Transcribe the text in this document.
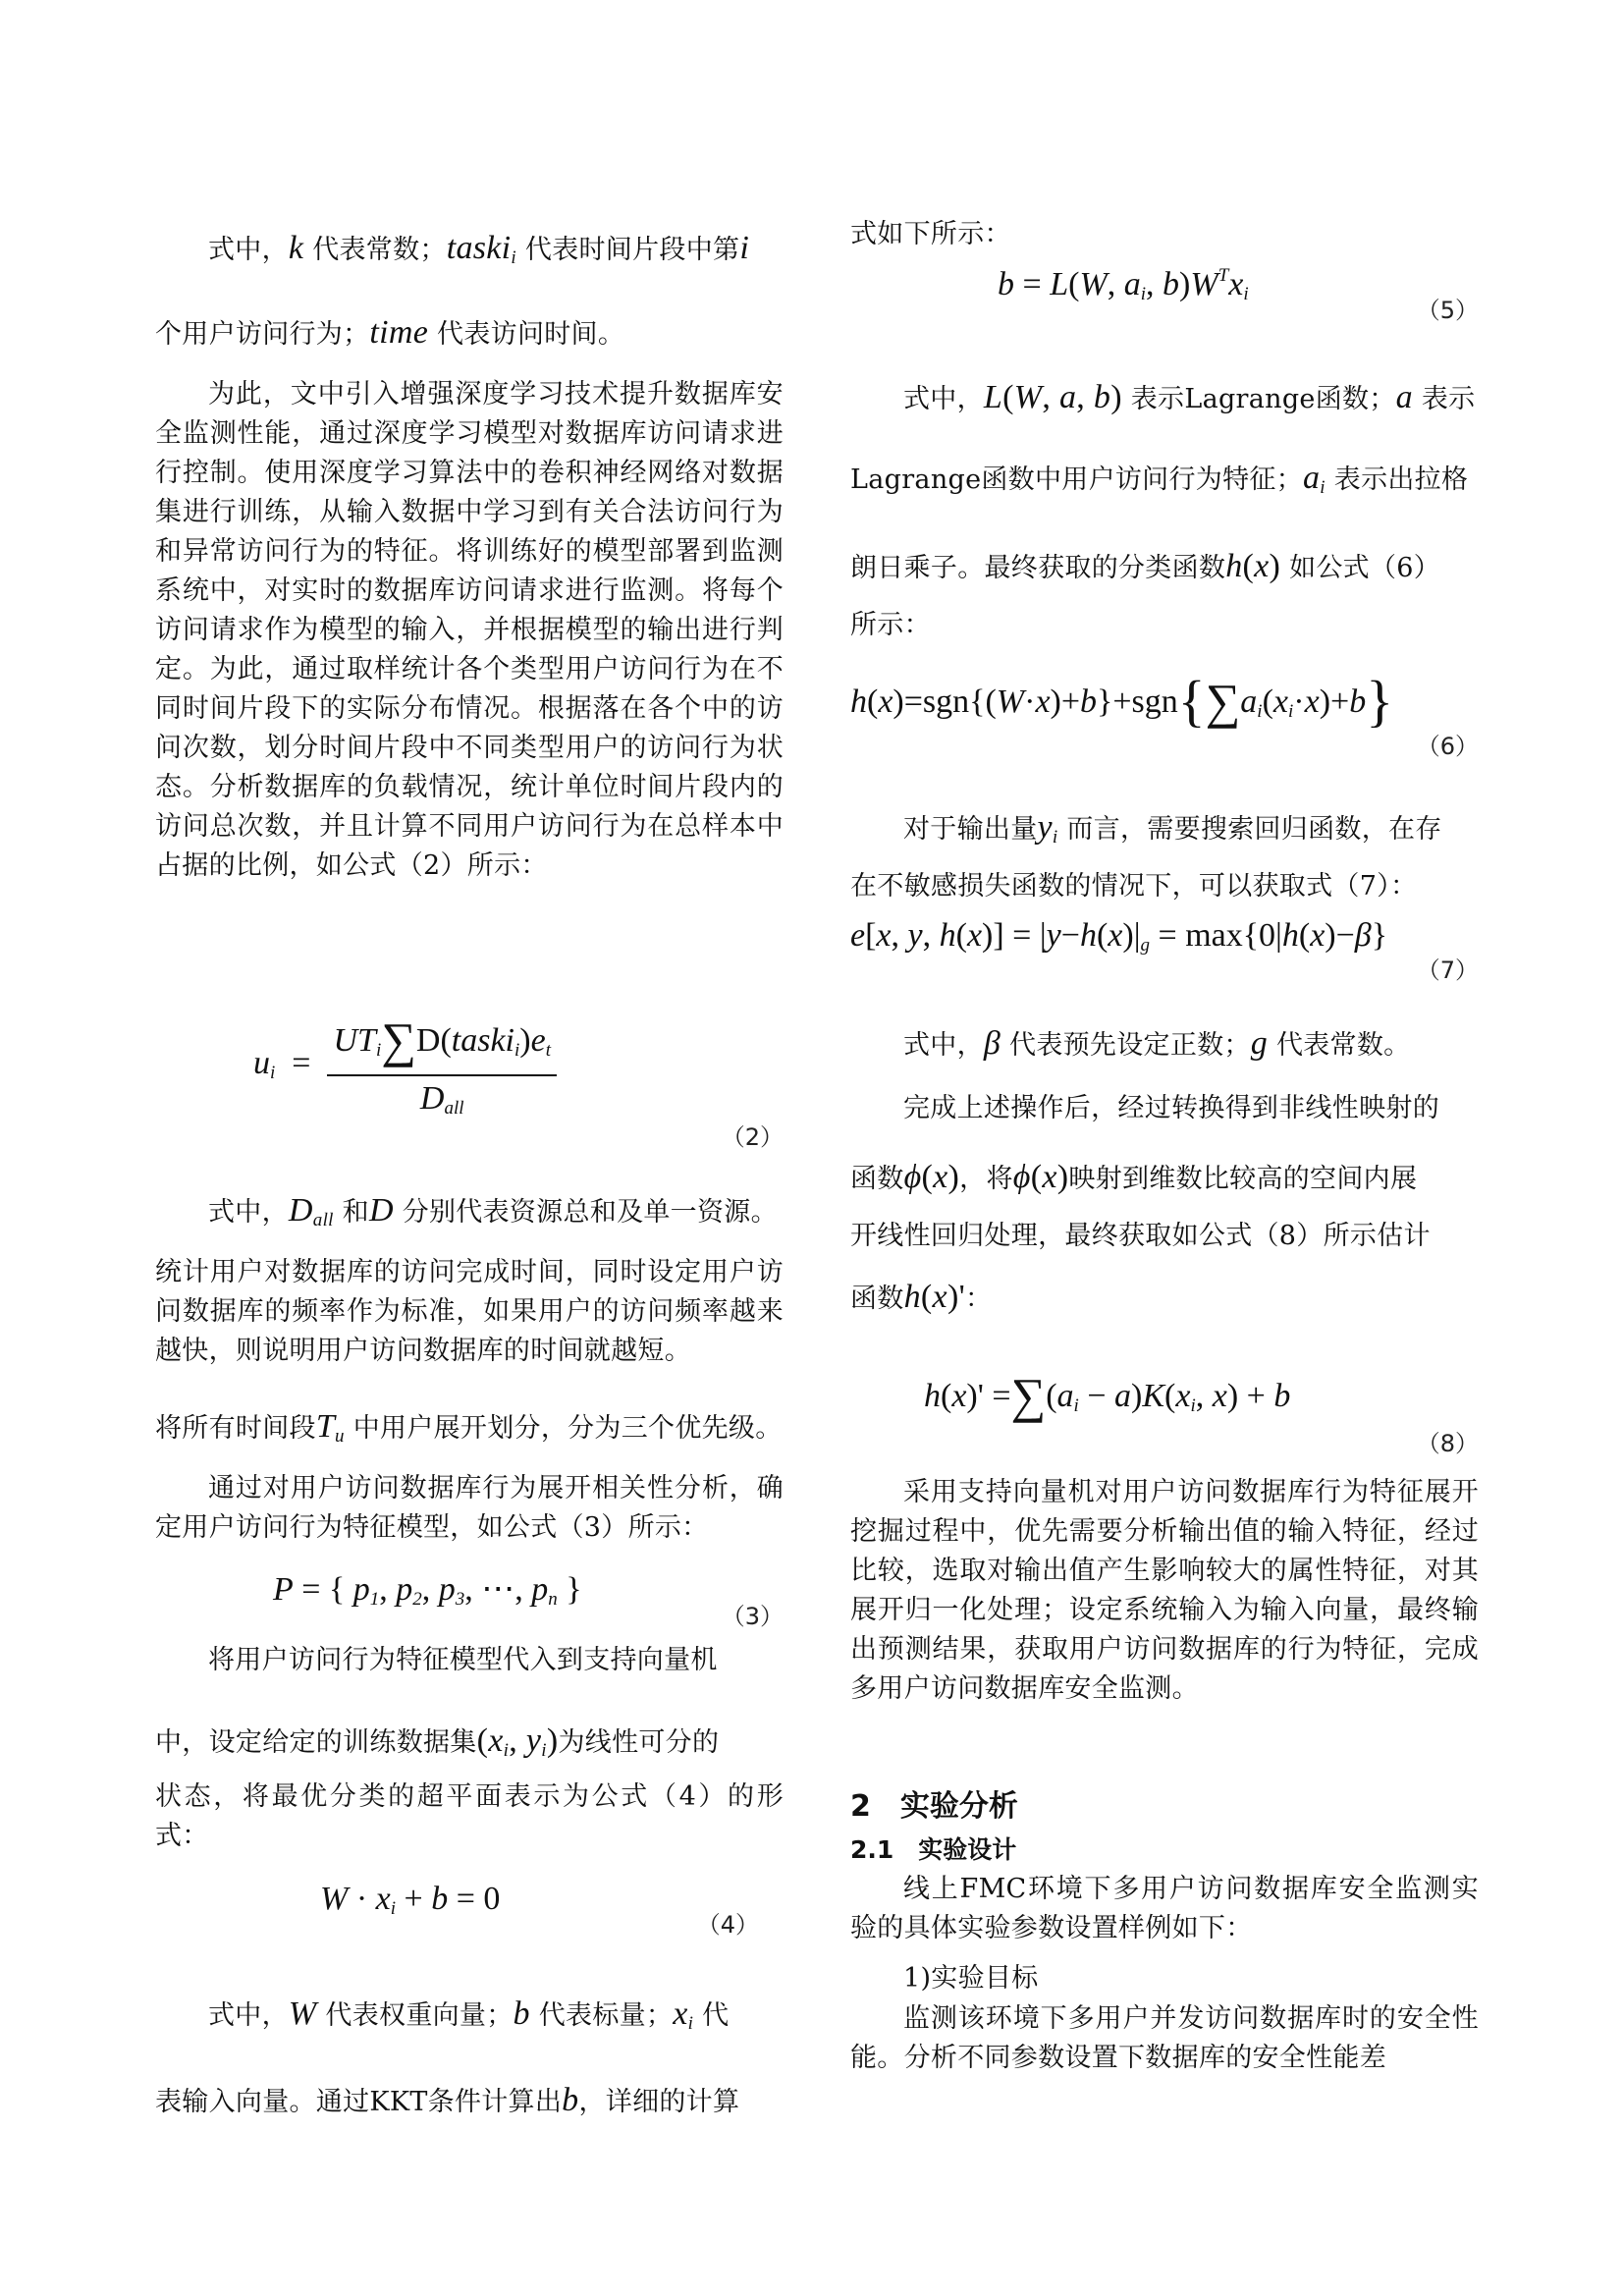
式中，k 代表常数；taski$_i$ 代表时间片段中第i
个用户访问行为；time 代表访问时间。
为此，文中引入增强深度学习技术提升数据库安全监测性能，通过深度学习模型对数据库访问请求进行控制。使用深度学习算法中的卷积神经网络对数据集进行训练，从输入数据中学习到有关合法访问行为和异常访问行为的特征。将训练好的模型部署到监测系统中，对实时的数据库访问请求进行监测。将每个访问请求作为模型的输入，并根据模型的输出进行判定。为此，通过取样统计各个类型用户访问行为在不同时间片段下的实际分布情况。根据落在各个中的访问次数，划分时间片段中不同类型用户的访问行为状态。分析数据库的负载情况，统计单位时间片段内的访问总次数，并且计算不同用户访问行为在总样本中占据的比例，如公式（2）所示：
$u_i = \frac{UT_i\sum D(taski_i)e_t}{D_{all}}$
（2）
式中，$D_{all}$ 和D 分别代表资源总和及单一资源。
统计用户对数据库的访问完成时间，同时设定用户访问数据库的频率作为标准，如果用户的访问频率越来越快，则说明用户访问数据库的时间就越短。
将所有时间段$T_u$ 中用户展开划分，分为三个优先级。
通过对用户访问数据库行为展开相关性分析，确定用户访问行为特征模型，如公式（3）所示：
P = { $p_1$, $p_2$, $p_3$, ⋯, $p_n$ }
（3）
将用户访问行为特征模型代入到支持向量机
中，设定给定的训练数据集($x_i$, $y_i$)为线性可分的
状态，将最优分类的超平面表示为公式（4）的形式：
$W \cdot x_i + b = 0$
（4）
式中，W 代表权重向量；b 代表标量；$x_i$ 代
表输入向量。通过KKT条件计算出b，详细的计算
式如下所示：
b = L(W, $a_i$, $b)W^Tx_i$
（5）
式中，L(W, a, b) 表示Lagrange函数；a 表示
Lagrange函数中用户访问行为特征；$a_i$ 表示出拉格
朗日乘子。最终获取的分类函数h(x) 如公式（6）
所示：
$h(x)=sgn\{(W\cdot x)+b\}+sgn\{\sum a_i(x_i\cdot x)+b\}$
（6）
对于输出量$y_i$ 而言，需要搜索回归函数，在存
在不敏感损失函数的情况下，可以获取式（7）：
e[x, y, $h(x)] = |y-h(x)|_g = \max\{0|h(x)-\beta\}$
（7）
式中，β 代表预先设定正数；g 代表常数。
完成上述操作后，经过转换得到非线性映射的
函数ϕ(x)，将ϕ(x)映射到维数比较高的空间内展
开线性回归处理，最终获取如公式（8）所示估计
函数h(x)'：
$h(x)' =\sum(a_i - a)K(x_i$, x) + b
（8）
采用支持向量机对用户访问数据库行为特征展开挖掘过程中，优先需要分析输出值的输入特征，经过比较，选取对输出值产生影响较大的属性特征，对其展开归一化处理；设定系统输入为输入向量，最终输出预测结果，获取用户访问数据库的行为特征，完成多用户访问数据库安全监测。
2　实验分析
2.1　实验设计
线上FMC环境下多用户访问数据库安全监测实验的具体实验参数设置样例如下：
1)实验目标
监测该环境下多用户并发访问数据库时的安全性能。分析不同参数设置下数据库的安全性能差
